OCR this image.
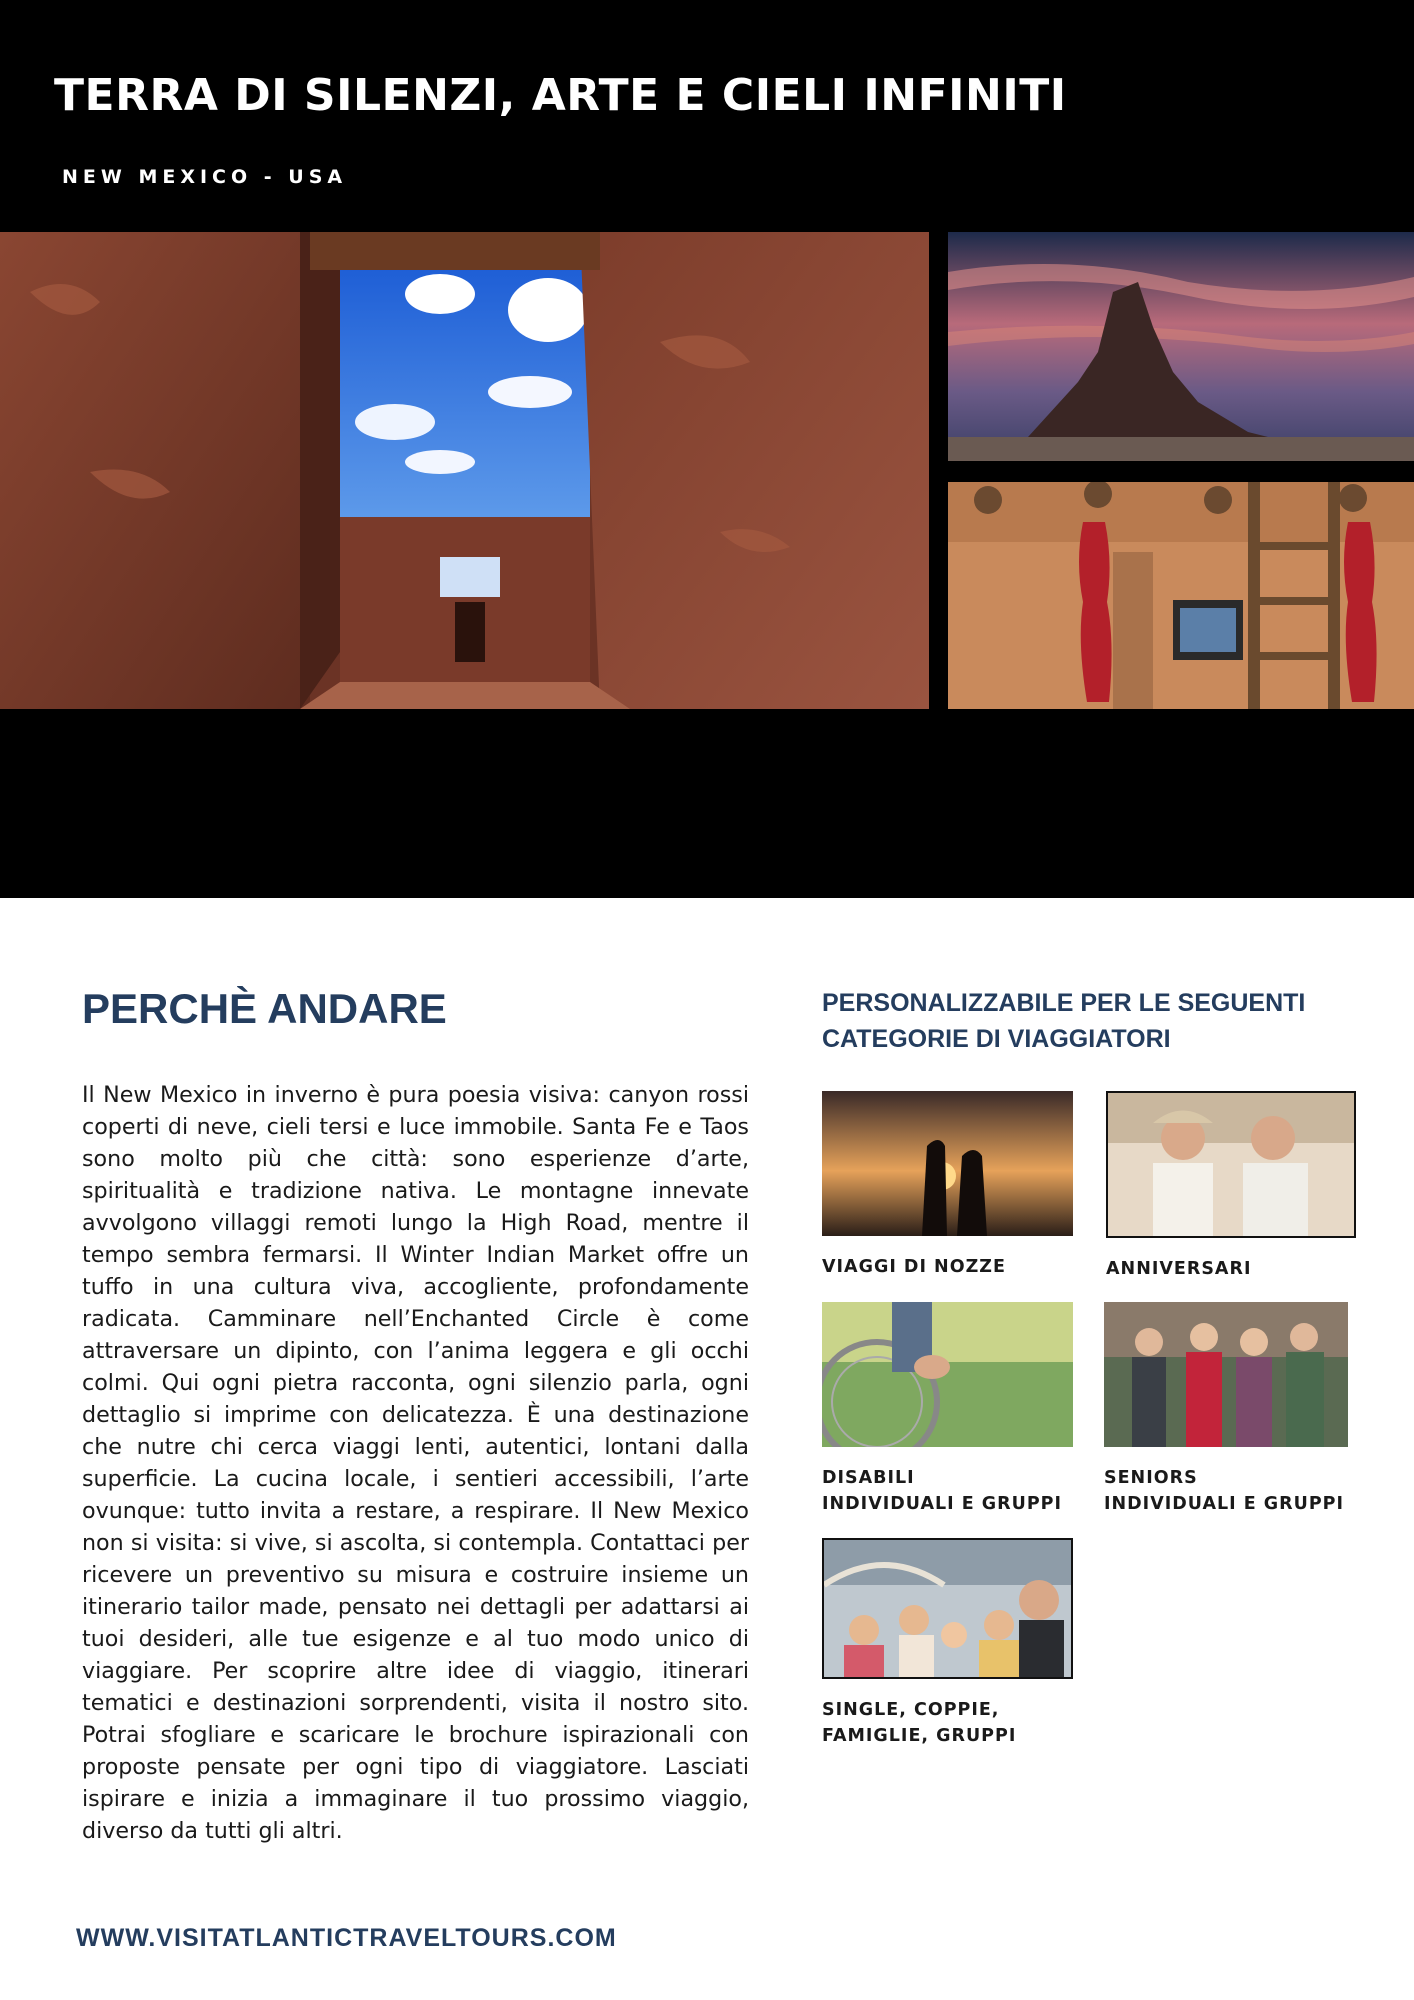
TERRA DI SILENZI, ARTE E CIELI INFINITI
NEW MEXICO - USA
PERCHÈ ANDARE

Il New Mexico in inverno è pura poesia visiva: canyon rossi coperti di neve, cieli tersi e luce immobile. Santa Fe e Taos sono molto più che città: sono esperienze d’arte, spiritualità e tradizione nativa. Le montagne innevate avvolgono villaggi remoti lungo la High Road, mentre il tempo sembra fermarsi. Il Winter Indian Market offre un tuffo in una cultura viva, accogliente, profondamente radicata. Camminare nell’Enchanted Circle è come attraversare un dipinto, con l’anima leggera e gli occhi colmi. Qui ogni pietra racconta, ogni silenzio parla, ogni dettaglio si imprime con delicatezza. È una destinazione che nutre chi cerca viaggi lenti, autentici, lontani dalla superficie. La cucina locale, i sentieri accessibili, l’arte ovunque: tutto invita a restare, a respirare. Il New Mexico non si visita: si vive, si ascolta, si contempla. Contattaci per ricevere un preventivo su misura e costruire insieme un itinerario tailor made, pensato nei dettagli per adattarsi ai tuoi desideri, alle tue esigenze e al tuo modo unico di viaggiare. Per scoprire altre idee di viaggio, itinerari tematici e destinazioni sorprendenti, visita il nostro sito. Potrai sfogliare e scaricare le brochure ispirazionali con proposte pensate per ogni tipo di viaggiatore. Lasciati ispirare e inizia a immaginare il tuo prossimo viaggio, diverso da tutti gli altri.

PERSONALIZZABILE PER LE SEGUENTI CATEGORIE DI VIAGGIATORI
VIAGGI DI NOZZE	ANNIVERSARI
DISABILI
INDIVIDUALI E GRUPPI
SENIORS
INDIVIDUALI E GRUPPI
SINGLE, COPPIE,
FAMIGLIE, GRUPPI
WWW.VISITATLANTICTRAVELTOURS.COM
